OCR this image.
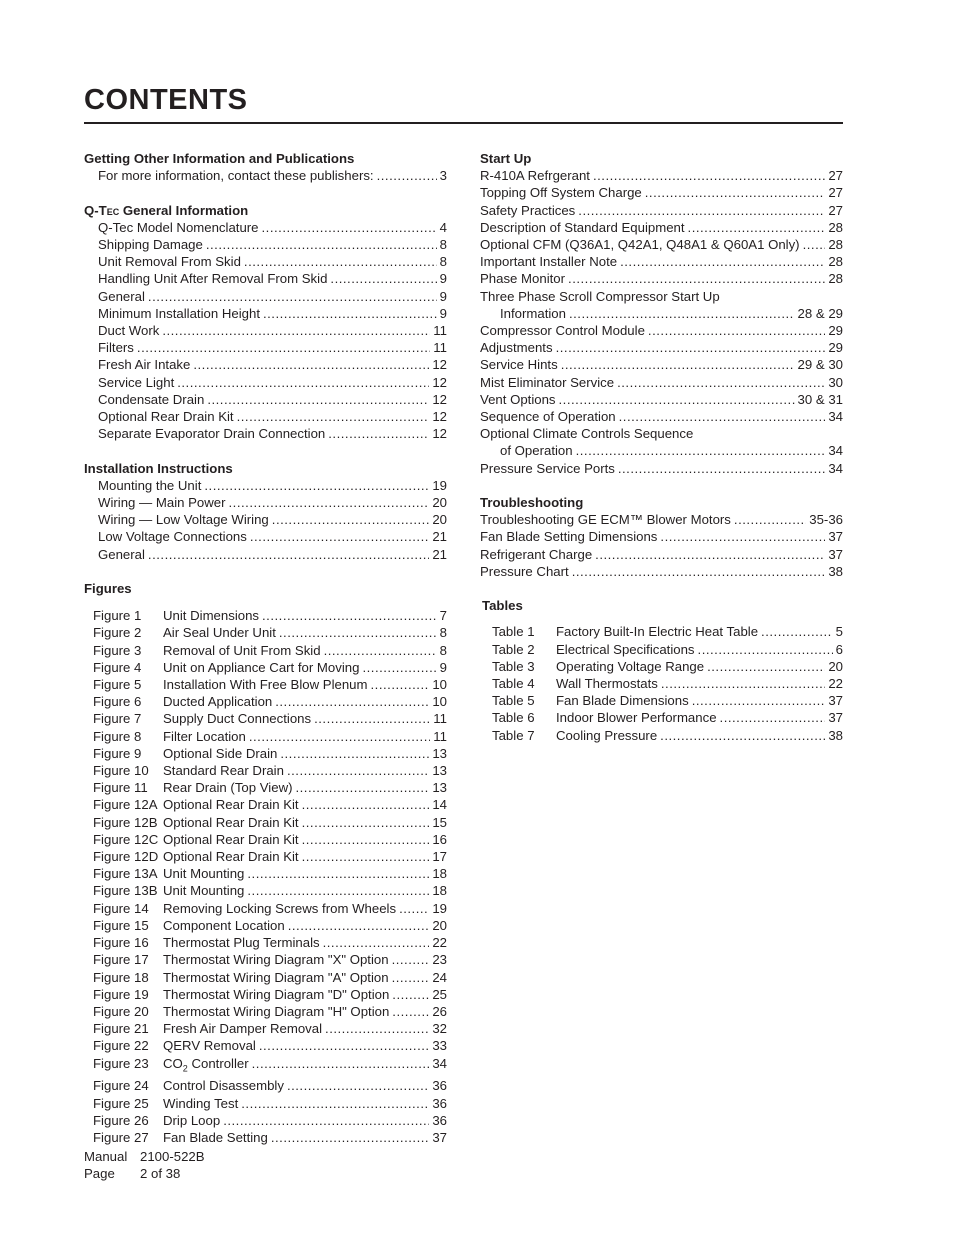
CONTENTS
Getting Other Information and Publications
For more information, contact these publishers: .....	3
Q-Tec General Information
Q-Tec Model Nomenclature .....	4
Shipping Damage .....	8
Unit Removal From Skid .....	8
Handling Unit After Removal From Skid .....	9
General .....	9
Minimum Installation Height .....	9
Duct Work .....	11
Filters .....	11
Fresh Air Intake .....	12
Service Light .....	12
Condensate Drain .....	12
Optional Rear Drain Kit .....	12
Separate Evaporator Drain Connection .....	12
Installation Instructions
Mounting the Unit .....	19
Wiring — Main Power .....	20
Wiring — Low Voltage Wiring .....	20
Low Voltage Connections .....	21
General .....	21
Figures
Figure 1	Unit Dimensions .....	7
Figure 2	Air Seal Under Unit .....	8
Figure 3	Removal of Unit From Skid .....	8
Figure 4	Unit on Appliance Cart for Moving .....	9
Figure 5	Installation With Free Blow Plenum .....	10
Figure 6	Ducted Application .....	10
Figure 7	Supply Duct Connections .....	11
Figure 8	Filter Location .....	11
Figure 9	Optional Side Drain .....	13
Figure 10	Standard Rear Drain .....	13
Figure 11	Rear Drain (Top View) .....	13
Figure 12A Optional Rear Drain Kit .....	14
Figure 12B Optional Rear Drain Kit .....	15
Figure 12C Optional Rear Drain Kit .....	16
Figure 12D Optional Rear Drain Kit .....	17
Figure 13A Unit Mounting .....	18
Figure 13B Unit Mounting .....	18
Figure 14	Removing Locking Screws from Wheels .....	19
Figure 15	Component Location .....	20
Figure 16	Thermostat Plug Terminals .....	22
Figure 17	Thermostat Wiring Diagram "X" Option .....	23
Figure 18	Thermostat Wiring Diagram "A" Option .....	24
Figure 19	Thermostat Wiring Diagram "D" Option .....	25
Figure 20	Thermostat Wiring Diagram "H" Option .....	26
Figure 21	Fresh Air Damper Removal .....	32
Figure 22	QERV Removal .....	33
Figure 23	$CO_2$ Controller .....	34
Figure 24	Control Disassembly .....	36
Figure 25	Winding Test .....	36
Figure 26	Drip Loop .....	36
Figure 27	Fan Blade Setting .....	37
Start Up
R-410A Refrgerant .....	27
Topping Off System Charge .....	27
Safety Practices .....	27
Description of Standard Equipment .....	28
Optional CFM (Q36A1, Q42A1, Q48A1 & Q60A1 Only) ..... 28
Important Installer Note .....	28
Phase Monitor .....	28
Three Phase Scroll Compressor Start Up
Information .....	28 & 29
Compressor Control Module .....	29
Adjustments .....	29
Service Hints .....	29 & 30
Mist Eliminator Service .....	30
Vent Options .....	30 & 31
Sequence of Operation .....	34
Optional Climate Controls Sequence
of Operation .....	34
Pressure Service Ports .....	34
Troubleshooting
Troubleshooting GE ECM™ Blower Motors .....	35-36
Fan Blade Setting Dimensions .....	37
Refrigerant Charge .....	37
Pressure Chart .....	38
Tables
Table 1	Factory Built-In Electric Heat Table .....	5
Table 2	Electrical Specifications .....	6
Table 3	Operating Voltage Range .....	20
Table 4	Wall Thermostats .....	22
Table 5	Fan Blade Dimensions .....	37
Table 6	Indoor Blower Performance .....	37
Table 7	Cooling Pressure .....	38
Manual 2100-522B
Page 2 of 38
